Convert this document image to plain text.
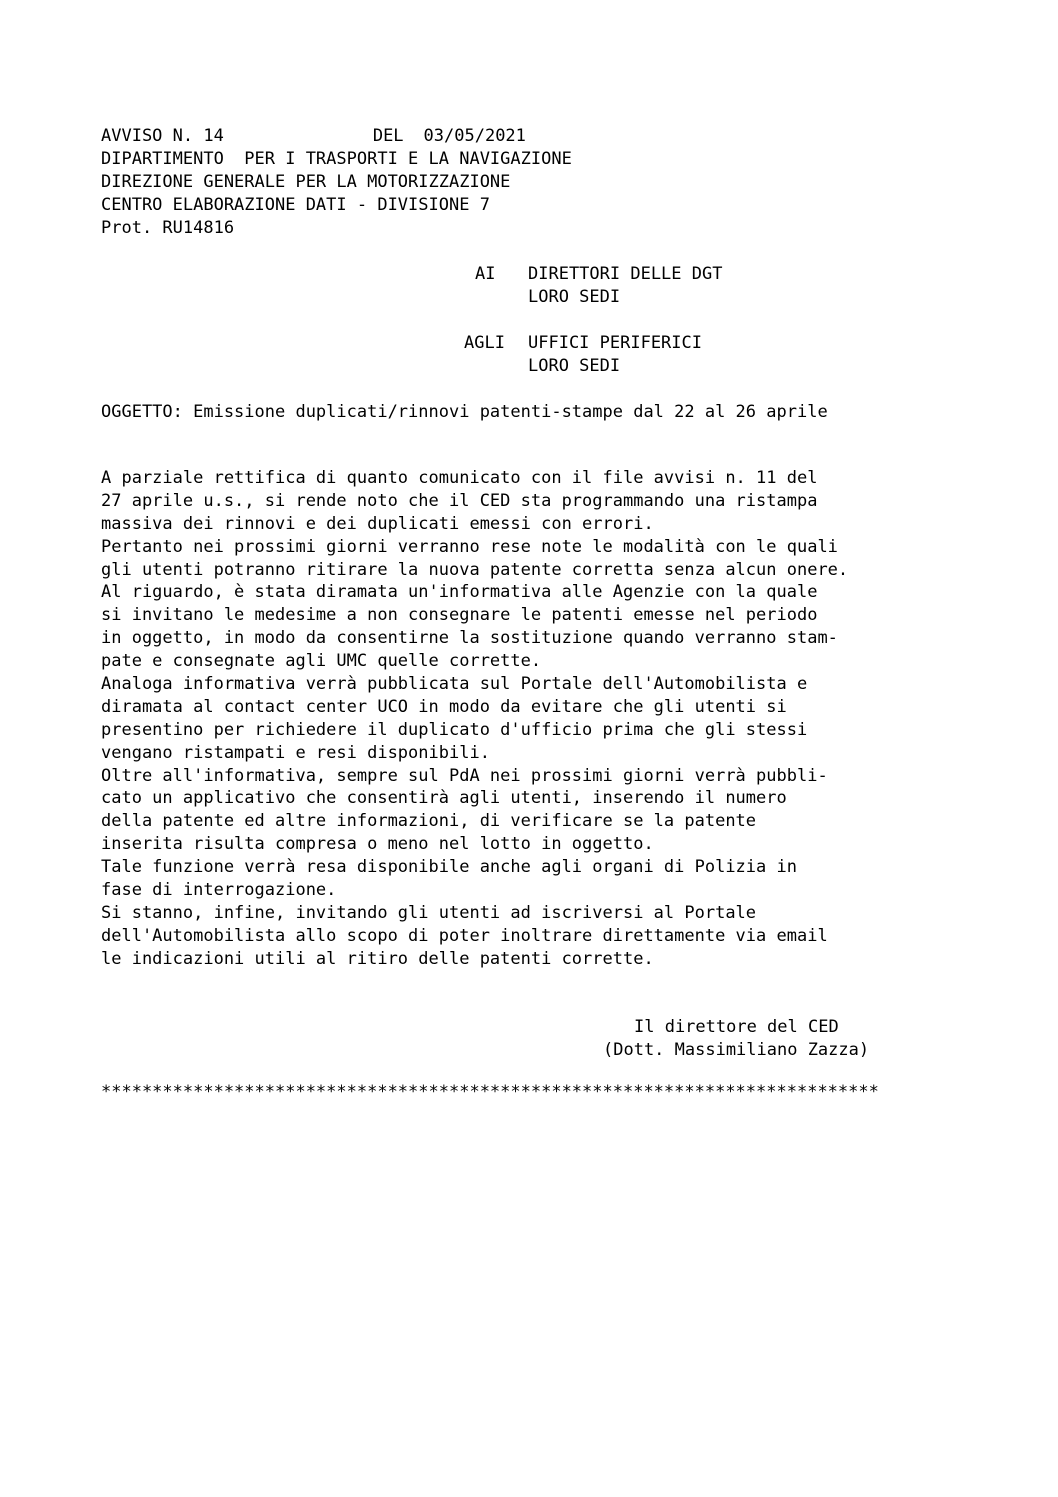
AVVISO N. 14	DEL 03/05/2021
DIPARTIMENTO  PER I TRASPORTI E LA NAVIGAZIONE
DIREZIONE GENERALE PER LA MOTORIZZAZIONE
CENTRO ELABORAZIONE DATI - DIVISIONE 7
Prot. RU14816
AI DIRETTORI DELLE DGT
LORO SEDI
AGLI UFFICI PERIFERICI
LORO SEDI
OGGETTO: Emissione duplicati/rinnovi patenti-stampe dal 22 al 26 aprile
A parziale rettifica di quanto comunicato con il file avvisi n. 11 del
27 aprile u.s., si rende noto che il CED sta programmando una ristampa
massiva dei rinnovi e dei duplicati emessi con errori.
Pertanto nei prossimi giorni verranno rese note le modalità con le quali
gli utenti potranno ritirare la nuova patente corretta senza alcun onere.
Al riguardo, è stata diramata un'informativa alle Agenzie con la quale
si invitano le medesime a non consegnare le patenti emesse nel periodo
in oggetto, in modo da consentirne la sostituzione quando verranno stam-
pate e consegnate agli UMC quelle corrette.
Analoga informativa verrà pubblicata sul Portale dell'Automobilista e
diramata al contact center UCO in modo da evitare che gli utenti si
presentino per richiedere il duplicato d'ufficio prima che gli stessi
vengano ristampati e resi disponibili.
Oltre all'informativa, sempre sul PdA nei prossimi giorni verrà pubbli-
cato un applicativo che consentirà agli utenti, inserendo il numero
della patente ed altre informazioni, di verificare se la patente
inserita risulta compresa o meno nel lotto in oggetto.
Tale funzione verrà resa disponibile anche agli organi di Polizia in
fase di interrogazione.
Si stanno, infine, invitando gli utenti ad iscriversi al Portale
dell'Automobilista allo scopo di poter inoltrare direttamente via email
le indicazioni utili al ritiro delle patenti corrette.
Il direttore del CED
(Dott. Massimiliano Zazza)
****************************************************************************
